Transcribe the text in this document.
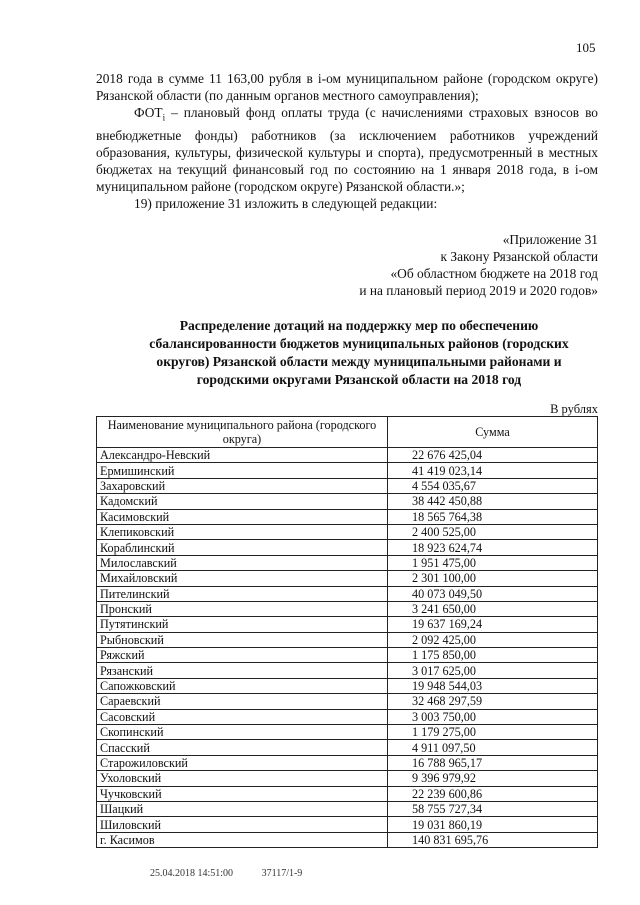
105

2018 года в сумме 11 163,00 рубля в i-ом муниципальном районе (городском округе) Рязанской области (по данным органов местного самоуправления);

$ФОТ_i$ – плановый фонд оплаты труда (с начислениями страховых взносов во внебюджетные фонды) работников (за исключением работников учреждений образования, культуры, физической культуры и спорта), предусмотренный в местных бюджетах на текущий финансовый год по состоянию на 1 января 2018 года, в i-ом муниципальном районе (городском округе) Рязанской области.»;

19) приложение 31 изложить в следующей редакции:

«Приложение 31
к Закону Рязанской области
«Об областном бюджете на 2018 год
и на плановый период 2019 и 2020 годов»
Распределение дотаций на поддержку мер по обеспечению сбалансированности бюджетов муниципальных районов (городских округов) Рязанской области между муниципальными районами и городскими округами Рязанской области на 2018 год
В рублях
Наименование муниципального района (городского округа)	Сумма
Александро-Невский	22 676 425,04
Ермишинский	41 419 023,14
Захаровский	4 554 035,67
Кадомский	38 442 450,88
Касимовский	18 565 764,38
Клепиковский	2 400 525,00
Кораблинский	18 923 624,74
Милославский	1 951 475,00
Михайловский	2 301 100,00
Пителинский	40 073 049,50
Пронский	3 241 650,00
Путятинский	19 637 169,24
Рыбновский	2 092 425,00
Ряжский	1 175 850,00
Рязанский	3 017 625,00
Сапожковский	19 948 544,03
Сараевский	32 468 297,59
Сасовский	3 003 750,00
Скопинский	1 179 275,00
Спасский	4 911 097,50
Старожиловский	16 788 965,17
Ухоловский	9 396 979,92
Чучковский	22 239 600,86
Шацкий	58 755 727,34
Шиловский	19 031 860,19
г. Касимов	140 831 695,76
25.04.2018 14:51:00	37117/1-9
